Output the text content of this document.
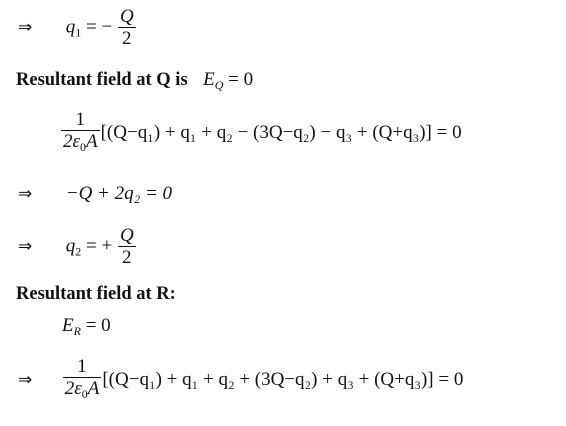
⇒ $q_1$ = − $\frac{Q}{2}$
Resultant field at Q is $E_Q = 0$
$\frac{1}{2\varepsilon_0A} [(Q-q_1) + q_1 + q_2 - (3Q-q_2) - q_3 + (Q+q_3)] = 0$
⇒ −Q + 2q₂ = 0
⇒ $q_2$ = + $\frac{Q}{2}$
Resultant field at R:
$E_R = 0$
⇒ $\frac{1}{2\varepsilon_0A} [(Q-q_1) + q_1 + q_2 + (3Q-q_2) + q_3 + (Q+q_3)] = 0$
